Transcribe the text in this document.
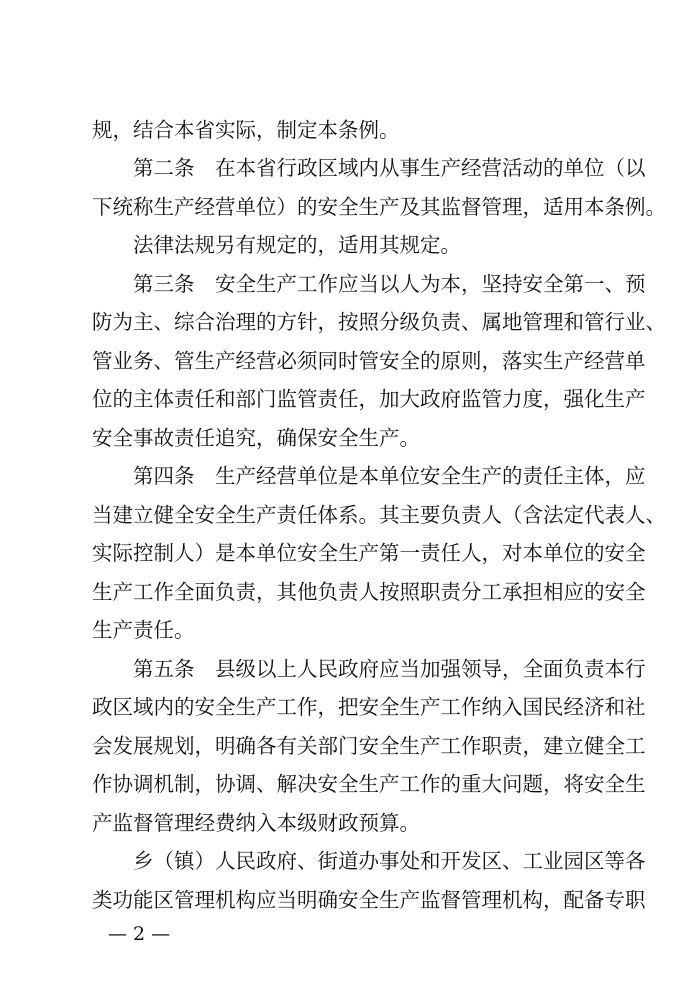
规，结合本省实际，制定本条例。
　　第二条　在本省行政区域内从事生产经营活动的单位（以
下统称生产经营单位）的安全生产及其监督管理，适用本条例。
　　法律法规另有规定的，适用其规定。
　　第三条　安全生产工作应当以人为本，坚持安全第一、预
防为主、综合治理的方针，按照分级负责、属地管理和管行业、
管业务、管生产经营必须同时管安全的原则，落实生产经营单
位的主体责任和部门监管责任，加大政府监管力度，强化生产
安全事故责任追究，确保安全生产。
　　第四条　生产经营单位是本单位安全生产的责任主体，应
当建立健全安全生产责任体系。其主要负责人（含法定代表人、
实际控制人）是本单位安全生产第一责任人，对本单位的安全
生产工作全面负责，其他负责人按照职责分工承担相应的安全
生产责任。
　　第五条　县级以上人民政府应当加强领导，全面负责本行
政区域内的安全生产工作，把安全生产工作纳入国民经济和社
会发展规划，明确各有关部门安全生产工作职责，建立健全工
作协调机制，协调、解决安全生产工作的重大问题，将安全生
产监督管理经费纳入本级财政预算。
　　乡（镇）人民政府、街道办事处和开发区、工业园区等各
类功能区管理机构应当明确安全生产监督管理机构，配备专职
— 2 —
